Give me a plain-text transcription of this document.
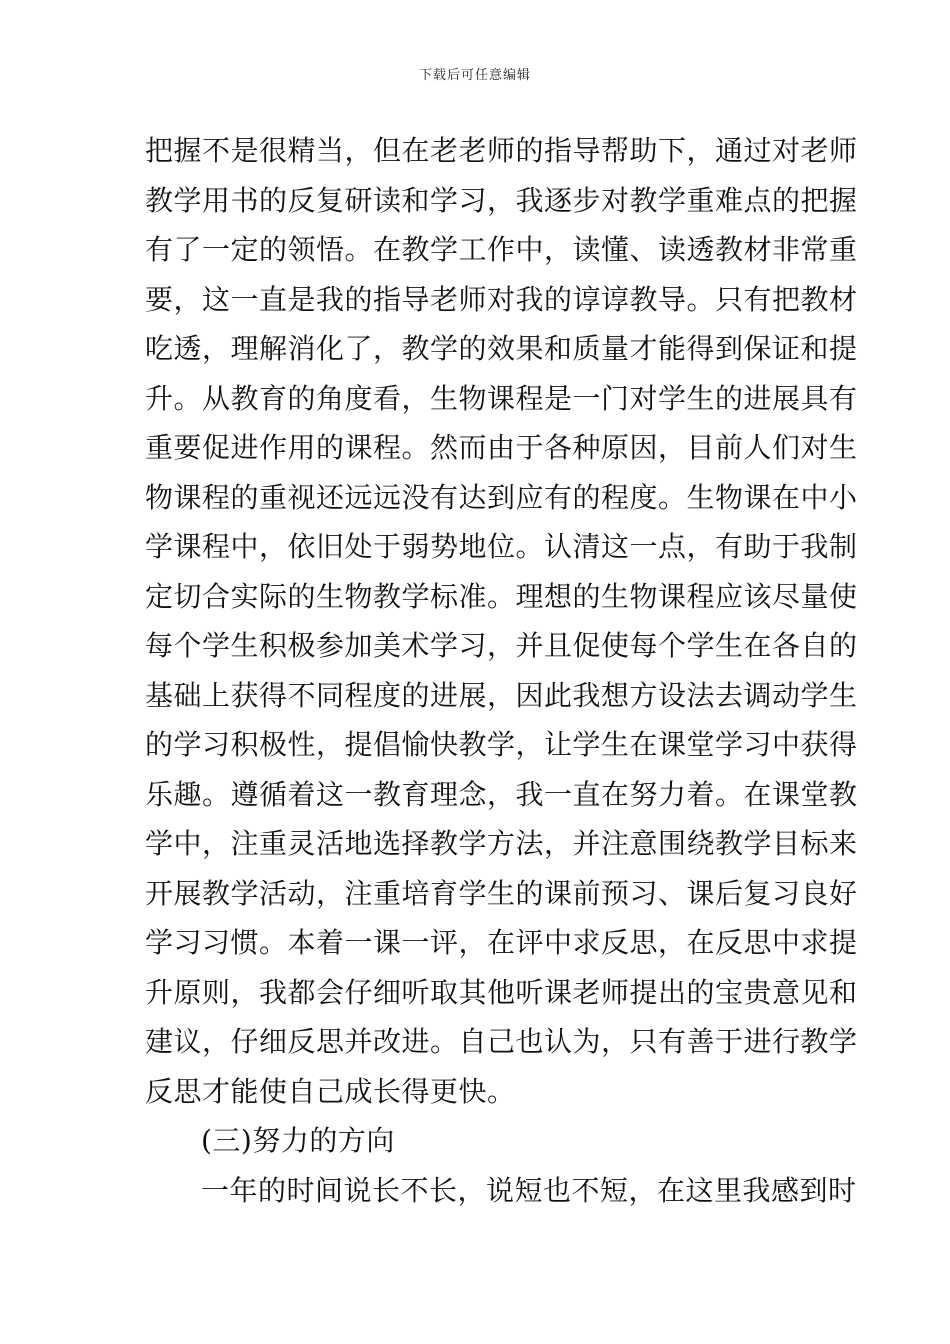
下载后可任意编辑
把握不是很精当，但在老老师的指导帮助下，通过对老师
教学用书的反复研读和学习，我逐步对教学重难点的把握
有了一定的领悟。在教学工作中，读懂、读透教材非常重
要，这一直是我的指导老师对我的谆谆教导。只有把教材
吃透，理解消化了，教学的效果和质量才能得到保证和提
升。从教育的角度看，生物课程是一门对学生的进展具有
重要促进作用的课程。然而由于各种原因，目前人们对生
物课程的重视还远远没有达到应有的程度。生物课在中小
学课程中，依旧处于弱势地位。认清这一点，有助于我制
定切合实际的生物教学标准。理想的生物课程应该尽量使
每个学生积极参加美术学习，并且促使每个学生在各自的
基础上获得不同程度的进展，因此我想方设法去调动学生
的学习积极性，提倡愉快教学，让学生在课堂学习中获得
乐趣。遵循着这一教育理念，我一直在努力着。在课堂教
学中，注重灵活地选择教学方法，并注意围绕教学目标来
开展教学活动，注重培育学生的课前预习、课后复习良好
学习习惯。本着一课一评，在评中求反思，在反思中求提
升原则，我都会仔细听取其他听课老师提出的宝贵意见和
建议，仔细反思并改进。自己也认为，只有善于进行教学
反思才能使自己成长得更快。
(三)努力的方向
一年的时间说长不长，说短也不短，在这里我感到时
